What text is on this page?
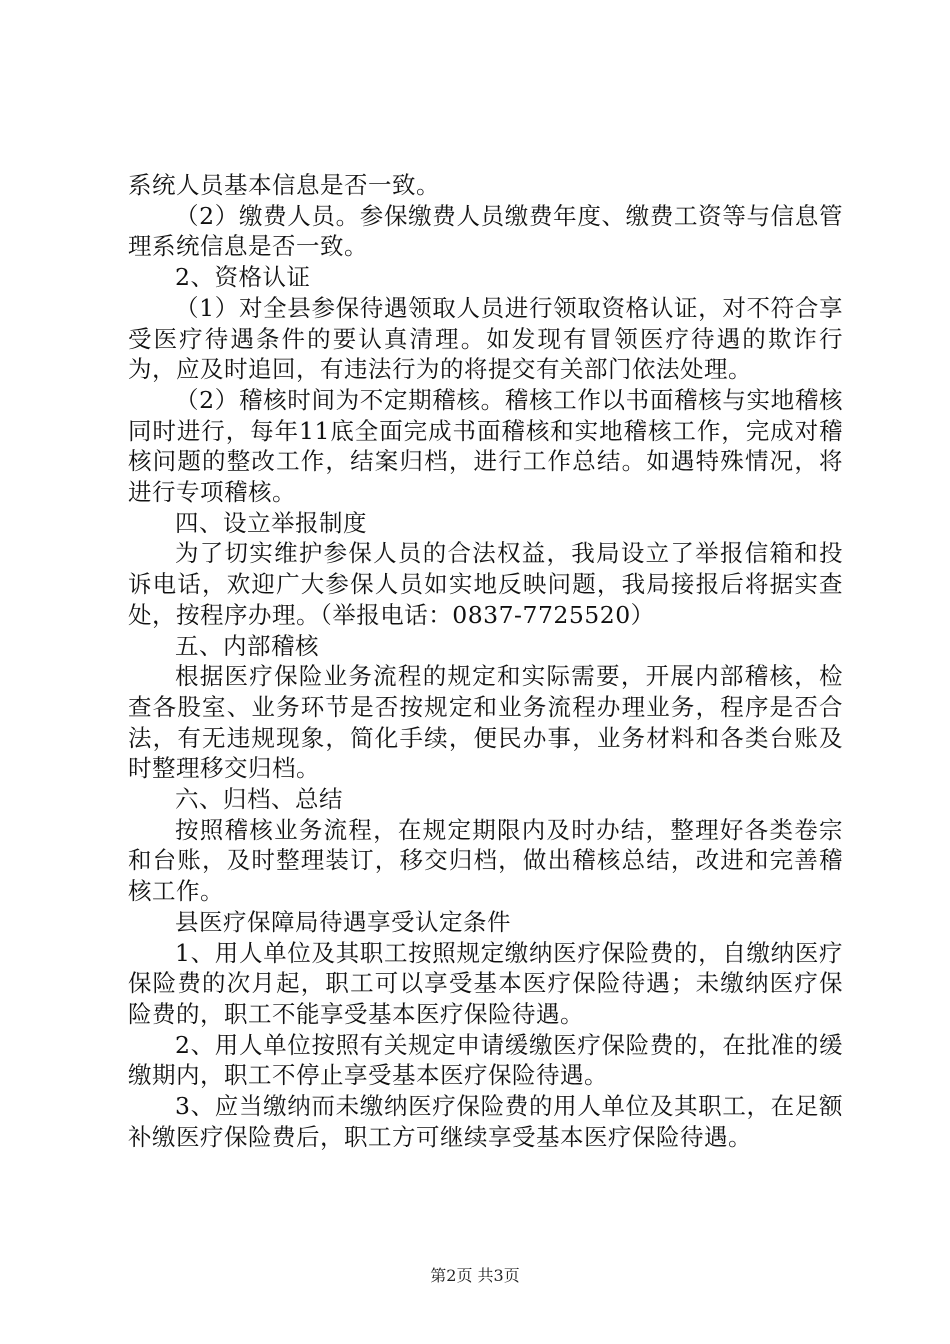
系统人员基本信息是否一致。

（2）缴费人员。参保缴费人员缴费年度、缴费工资等与信息管理系统信息是否一致。

2、资格认证

（1）对全县参保待遇领取人员进行领取资格认证，对不符合享受医疗待遇条件的要认真清理。如发现有冒领医疗待遇的欺诈行为，应及时追回，有违法行为的将提交有关部门依法处理。

（2）稽核时间为不定期稽核。稽核工作以书面稽核与实地稽核同时进行，每年11底全面完成书面稽核和实地稽核工作，完成对稽核问题的整改工作，结案归档，进行工作总结。如遇特殊情况，将进行专项稽核。

四、设立举报制度

为了切实维护参保人员的合法权益，我局设立了举报信箱和投诉电话，欢迎广大参保人员如实地反映问题，我局接报后将据实查处，按程序办理。（举报电话：0837-7725520）

五、内部稽核

根据医疗保险业务流程的规定和实际需要，开展内部稽核，检查各股室、业务环节是否按规定和业务流程办理业务，程序是否合法，有无违规现象，简化手续，便民办事，业务材料和各类台账及时整理移交归档。

六、归档、总结

按照稽核业务流程，在规定期限内及时办结，整理好各类卷宗和台账，及时整理装订，移交归档，做出稽核总结，改进和完善稽核工作。

县医疗保障局待遇享受认定条件

1、用人单位及其职工按照规定缴纳医疗保险费的，自缴纳医疗保险费的次月起，职工可以享受基本医疗保险待遇；未缴纳医疗保险费的，职工不能享受基本医疗保险待遇。

2、用人单位按照有关规定申请缓缴医疗保险费的，在批准的缓缴期内，职工不停止享受基本医疗保险待遇。

3、应当缴纳而未缴纳医疗保险费的用人单位及其职工，在足额补缴医疗保险费后，职工方可继续享受基本医疗保险待遇。

第2页 共3页
